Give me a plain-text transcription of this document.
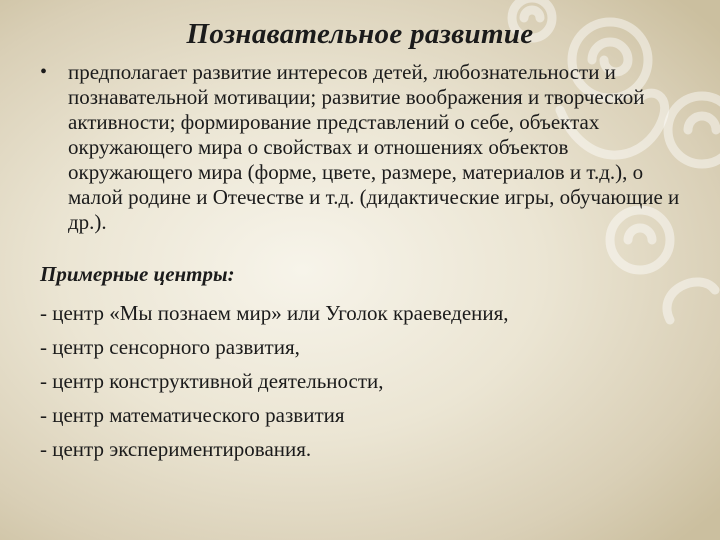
Познавательное развитие
• предполагает развитие интересов детей, любознательности и познавательной мотивации; развитие воображения и творческой активности; формирование представлений о себе, объектах окружающего мира о свойствах и отношениях объектов окружающего мира (форме, цвете, размере, материалов и т.д.), о малой родине и Отечестве и т.д. (дидактические игры, обучающие и др.).

Примерные центры:

- центр «Мы познаем мир» или Уголок краеведения,
- центр сенсорного развития,
- центр конструктивной деятельности,
- центр математического развития
- центр экспериментирования.
